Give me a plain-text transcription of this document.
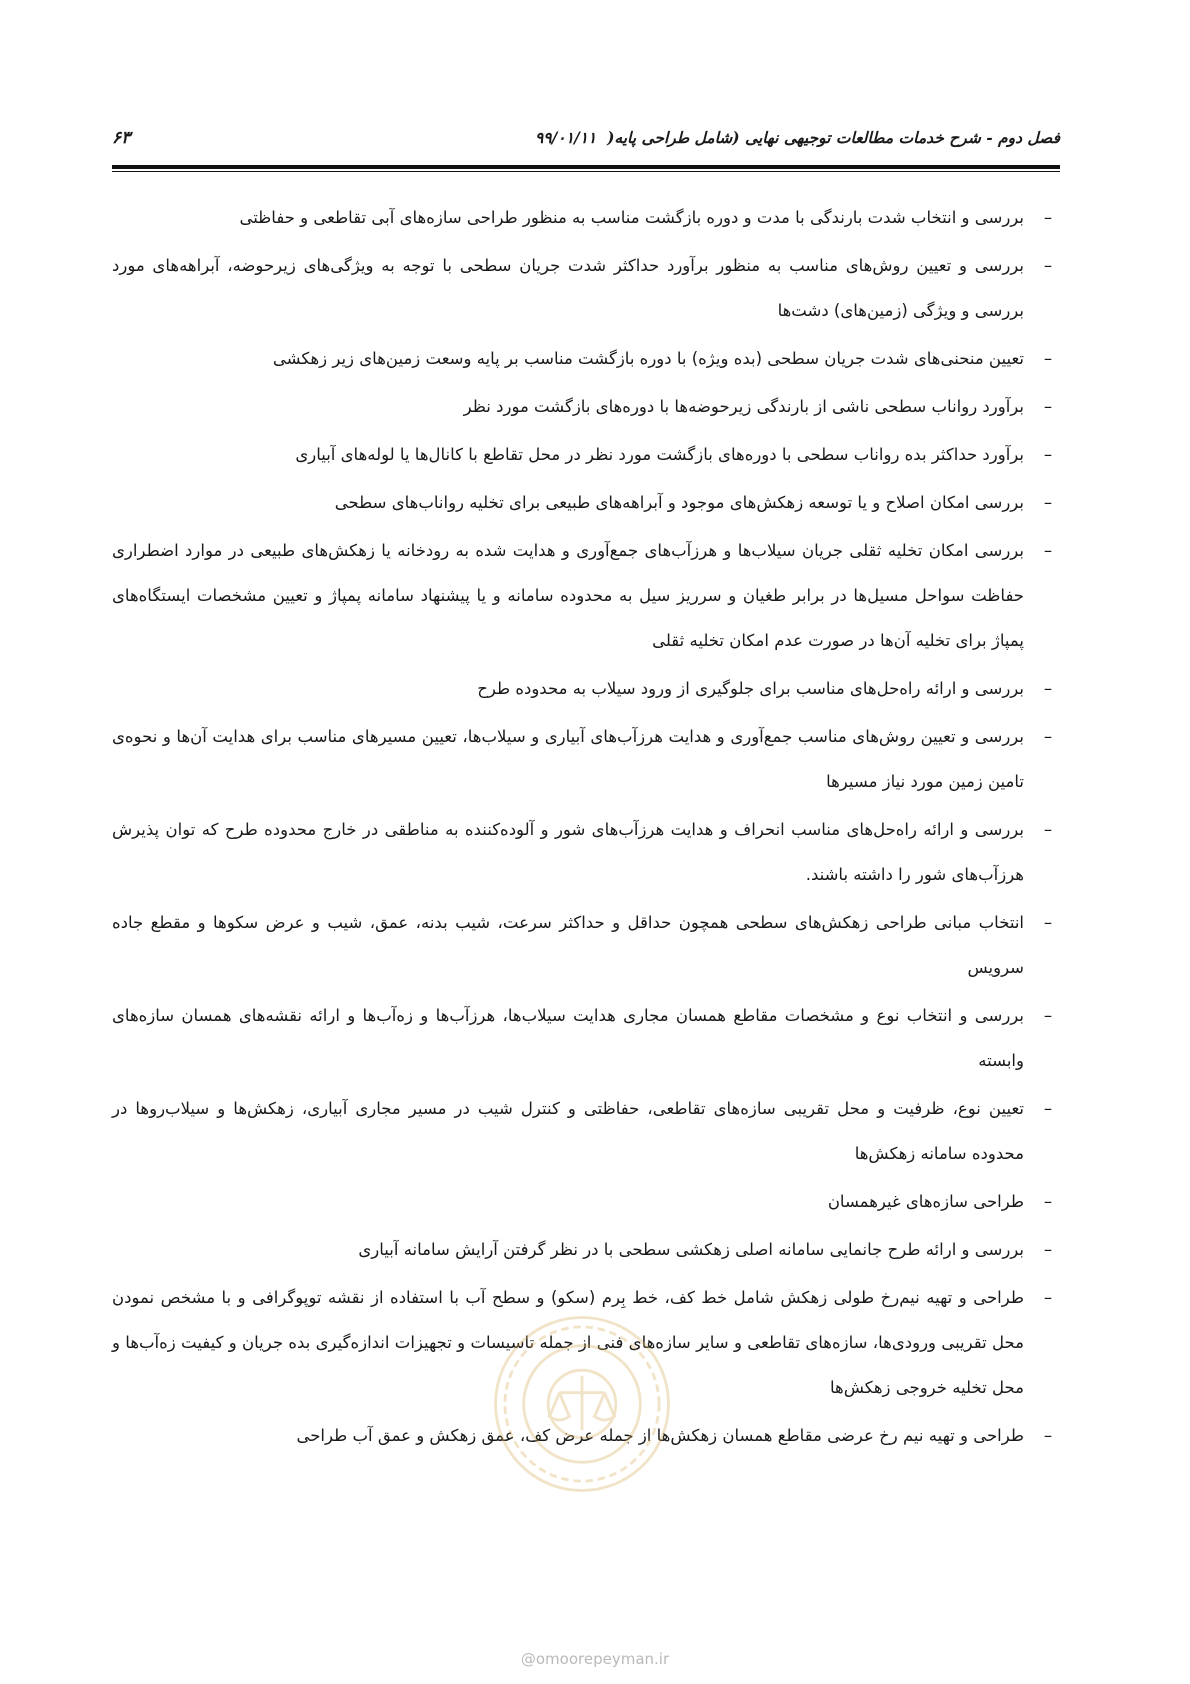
فصل دوم - شرح خدمات مطالعات توجیهی نهایی (شامل طراحی پایه(  ۹۹/۰۱/۱۱
۶۳
–
بررسی و انتخاب شدت بارندگی با مدت و دوره بازگشت مناسب به منظور طراحی سازه‌های آبی تقاطعی و حفاظتی
–
بررسی و تعیین روش‌های مناسب به منظور برآورد حداکثر شدت جریان سطحی با توجه به ویژگی‌های زیرحوضه، آبراهه‌های مورد بررسی و ویژگی (زمین‌های) دشت‌ها
–
تعیین منحنی‌های شدت جریان سطحی (بده ویژه) با دوره بازگشت مناسب بر پایه وسعت زمین‌های زیر زهکشی
–
برآورد رواناب سطحی ناشی از بارندگی زیرحوضه‌ها با دوره‌های بازگشت مورد نظر
–
برآورد حداکثر بده رواناب سطحی با دوره‌های بازگشت مورد نظر در محل تقاطع با کانال‌ها یا لوله‌های آبیاری
–
بررسی امکان اصلاح و یا توسعه زهکش‌های موجود و آبراهه‌های طبیعی برای تخلیه رواناب‌های سطحی
–
بررسی امکان تخلیه ثقلی جریان سیلاب‌ها و هرزآب‌های جمع‌آوری و هدایت شده به رودخانه یا زهکش‌های طبیعی در موارد اضطراری حفاظت سواحل مسیل‌ها در برابر طغیان و سرریز سیل به محدوده سامانه و یا پیشنهاد سامانه پمپاژ و تعیین مشخصات ایستگاه‌های پمپاژ برای تخلیه آن‌ها در صورت عدم امکان تخلیه ثقلی
–
بررسی و ارائه راه‌حل‌های مناسب برای جلوگیری از ورود سیلاب به محدوده طرح
–
بررسی و تعیین روش‌های مناسب جمع‌آوری و هدایت هرزآب‌های آبیاری و سیلاب‌ها، تعیین مسیرهای مناسب برای هدایت آن‌ها و نحوه‌ی تامین زمین مورد نیاز مسیرها
–
بررسی و ارائه راه‌حل‌های مناسب انحراف و هدایت هرزآب‌های شور و آلوده‌کننده به مناطقی در خارج محدوده طرح که توان پذیرش هرزآب‌های شور را داشته باشند.
–
انتخاب مبانی طراحی زهکش‌های سطحی همچون حداقل و حداکثر سرعت، شیب بدنه، عمق، شیب و عرض سکوها و مقطع جاده سرویس
–
بررسی و انتخاب نوع و مشخصات مقاطع همسان مجاری هدایت سیلاب‌ها، هرزآب‌ها و زه‌آب‌ها و ارائه نقشه‌های همسان سازه‌های وابسته
–
تعیین نوع، ظرفیت و محل تقریبی سازه‌های تقاطعی، حفاظتی و کنترل شیب در مسیر مجاری آبیاری، زهکش‌ها و سیلاب‌روها در محدوده سامانه زهکش‌ها
–
طراحی سازه‌های غیرهمسان
–
بررسی و ارائه طرح جانمایی سامانه اصلی زهکشی سطحی با در نظر گرفتن آرایش سامانه آبیاری
–
طراحی و تهیه نیم‌رخ طولی زهکش شامل خط کف، خط بِرم (سکو) و سطح آب با استفاده از نقشه توپوگرافی و با مشخص نمودن محل تقریبی ورودی‌ها، سازه‌های تقاطعی و سایر سازه‌های فنی از جمله تاسیسات و تجهیزات اندازه‌گیری بده جریان و کیفیت زه‌آب‌ها و محل تخلیه خروجی زهکش‌ها
–
طراحی و تهیه نیم رخ عرضی مقاطع همسان زهکش‌ها از جمله عرض کف، عمق زهکش و عمق آب طراحی
@omoorepeyman.ir
